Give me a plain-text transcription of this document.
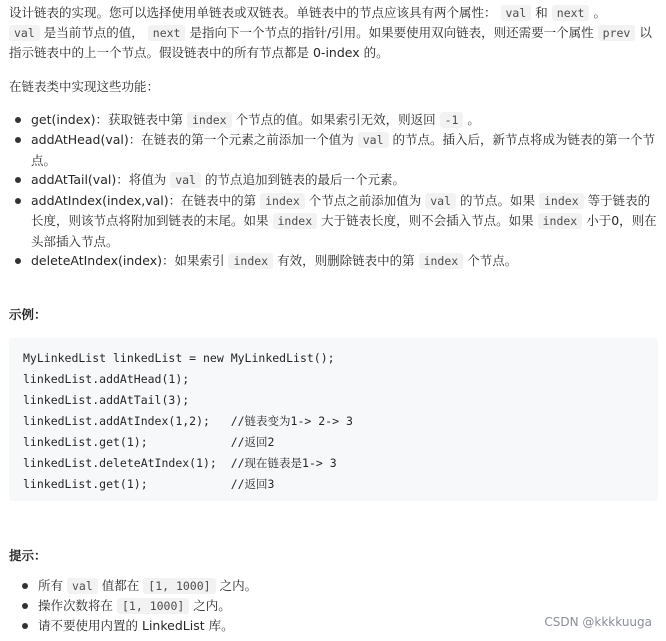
设计链表的实现。您可以选择使用单链表或双链表。单链表中的节点应该具有两个属性： val 和 next 。
val 是当前节点的值， next 是指向下一个节点的指针/引用。如果要使用双向链表，则还需要一个属性 prev 以指示链表中的上一个节点。假设链表中的所有节点都是 0-index 的。

在链表类中实现这些功能：

get(index)：获取链表中第 index 个节点的值。如果索引无效，则返回 -1 。
addAtHead(val)：在链表的第一个元素之前添加一个值为 val 的节点。插入后，新节点将成为链表的第一个节点。
addAtTail(val)：将值为 val 的节点追加到链表的最后一个元素。
addAtIndex(index,val)：在链表中的第 index 个节点之前添加值为 val 的节点。如果 index 等于链表的长度，则该节点将附加到链表的末尾。如果 index 大于链表长度，则不会插入节点。如果 index 小于0，则在头部插入节点。
deleteAtIndex(index)：如果索引 index 有效，则删除链表中的第 index 个节点。
示例：
MyLinkedList linkedList = new MyLinkedList();
linkedList.addAtHead(1);
linkedList.addAtTail(3);
linkedList.addAtIndex(1,2);   //链表变为1-> 2-> 3
linkedList.get(1);            //返回2
linkedList.deleteAtIndex(1);  //现在链表是1-> 3
linkedList.get(1);            //返回3
提示：
所有 val 值都在 [1, 1000] 之内。
操作次数将在 [1, 1000] 之内。
请不要使用内置的 LinkedList 库。	CSDN @kkkkuuga
